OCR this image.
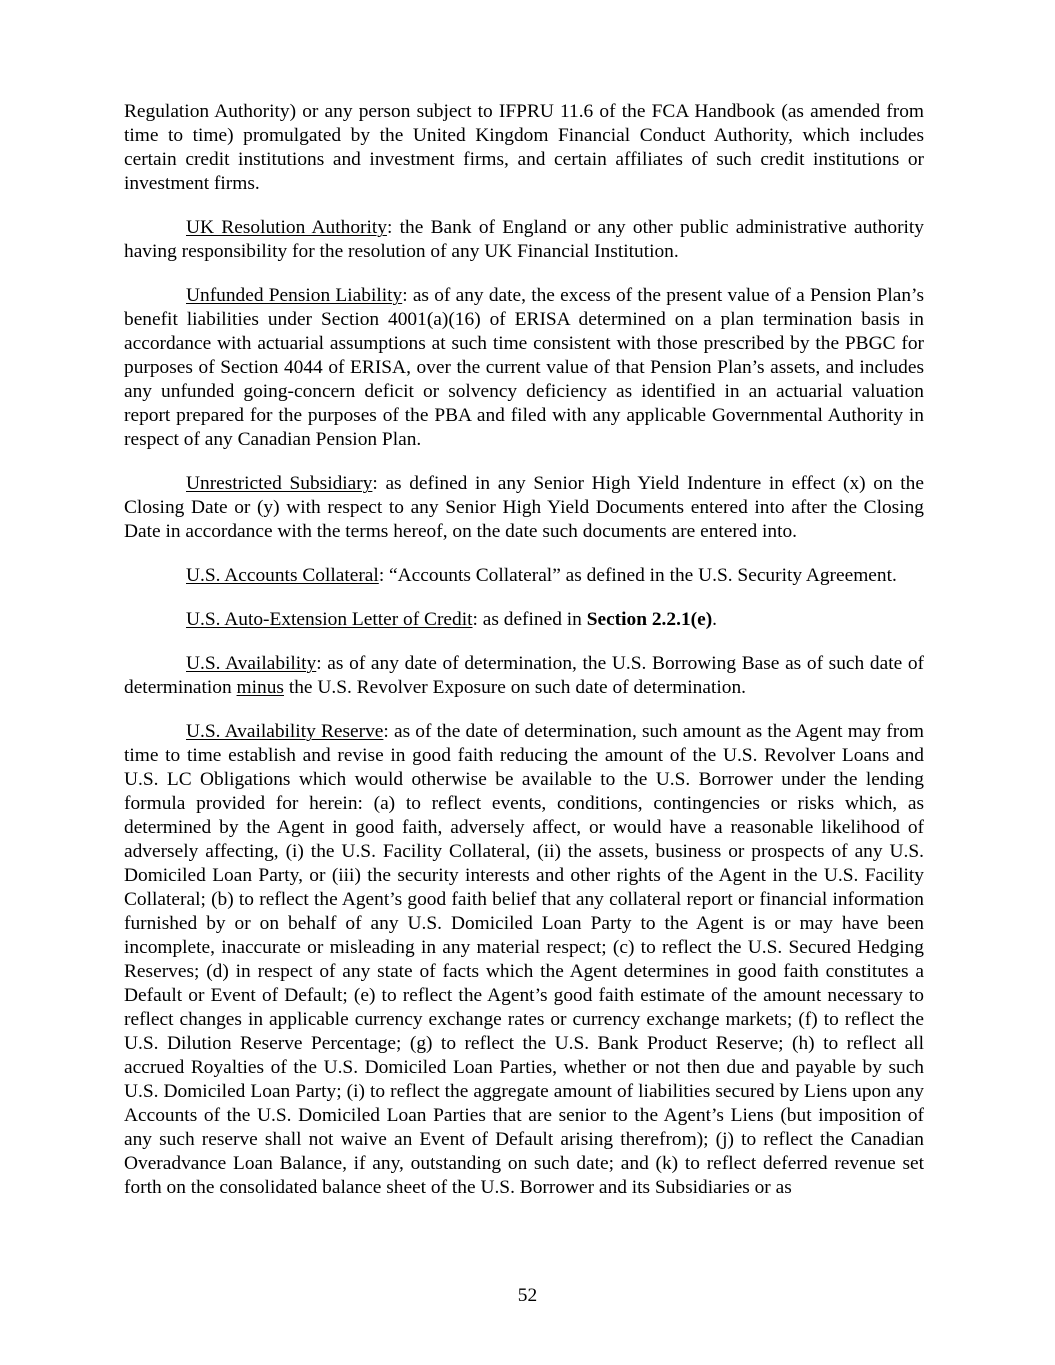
Regulation Authority) or any person subject to IFPRU 11.6 of the FCA Handbook (as amended from time to time) promulgated by the United Kingdom Financial Conduct Authority, which includes certain credit institutions and investment firms, and certain affiliates of such credit institutions or investment firms.

UK Resolution Authority: the Bank of England or any other public administrative authority having responsibility for the resolution of any UK Financial Institution.

Unfunded Pension Liability: as of any date, the excess of the present value of a Pension Plan’s benefit liabilities under Section 4001(a)(16) of ERISA determined on a plan termination basis in accordance with actuarial assumptions at such time consistent with those prescribed by the PBGC for purposes of Section 4044 of ERISA, over the current value of that Pension Plan’s assets, and includes any unfunded going-concern deficit or solvency deficiency as identified in an actuarial valuation report prepared for the purposes of the PBA and filed with any applicable Governmental Authority in respect of any Canadian Pension Plan.

Unrestricted Subsidiary: as defined in any Senior High Yield Indenture in effect (x) on the Closing Date or (y) with respect to any Senior High Yield Documents entered into after the Closing Date in accordance with the terms hereof, on the date such documents are entered into.

U.S. Accounts Collateral: “Accounts Collateral” as defined in the U.S. Security Agreement.

U.S. Auto-Extension Letter of Credit: as defined in Section 2.2.1(e).

U.S. Availability: as of any date of determination, the U.S. Borrowing Base as of such date of determination minus the U.S. Revolver Exposure on such date of determination.

U.S. Availability Reserve: as of the date of determination, such amount as the Agent may from time to time establish and revise in good faith reducing the amount of the U.S. Revolver Loans and U.S. LC Obligations which would otherwise be available to the U.S. Borrower under the lending formula provided for herein: (a) to reflect events, conditions, contingencies or risks which, as determined by the Agent in good faith, adversely affect, or would have a reasonable likelihood of adversely affecting, (i) the U.S. Facility Collateral, (ii) the assets, business or prospects of any U.S. Domiciled Loan Party, or (iii) the security interests and other rights of the Agent in the U.S. Facility Collateral; (b) to reflect the Agent’s good faith belief that any collateral report or financial information furnished by or on behalf of any U.S. Domiciled Loan Party to the Agent is or may have been incomplete, inaccurate or misleading in any material respect; (c) to reflect the U.S. Secured Hedging Reserves; (d) in respect of any state of facts which the Agent determines in good faith constitutes a Default or Event of Default; (e) to reflect the Agent’s good faith estimate of the amount necessary to reflect changes in applicable currency exchange rates or currency exchange markets; (f) to reflect the U.S. Dilution Reserve Percentage; (g) to reflect the U.S. Bank Product Reserve; (h) to reflect all accrued Royalties of the U.S. Domiciled Loan Parties, whether or not then due and payable by such U.S. Domiciled Loan Party; (i) to reflect the aggregate amount of liabilities secured by Liens upon any Accounts of the U.S. Domiciled Loan Parties that are senior to the Agent’s Liens (but imposition of any such reserve shall not waive an Event of Default arising therefrom); (j) to reflect the Canadian Overadvance Loan Balance, if any, outstanding on such date; and (k) to reflect deferred revenue set forth on the consolidated balance sheet of the U.S. Borrower and its Subsidiaries or as

52
